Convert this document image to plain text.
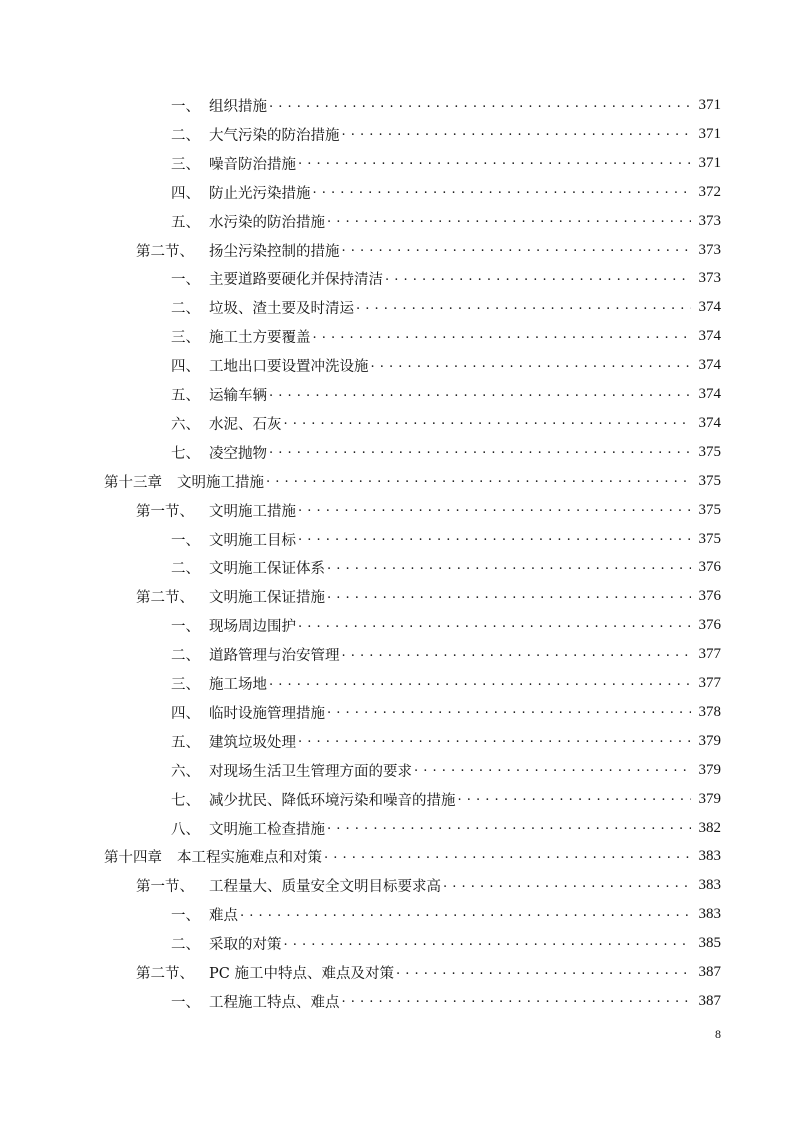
一、 组织措施 . . .	371
二、 大气污染的防治措施 . . .	371
三、 噪音防治措施 . . .	371
四、 防止光污染措施 . . .	372
五、 水污染的防治措施 . . .	373
第二节、	扬尘污染控制的措施 . . .	373
一、 主要道路要硬化并保持清洁 . . .	373
二、 垃圾、渣土要及时清运 . . .	374
三、 施工土方要覆盖 . . .	374
四、 工地出口要设置冲洗设施 . . .	374
五、 运输车辆 . . .	374
六、 水泥、石灰 . . .	374
七、 凌空抛物 . . .	375
第十三章	文明施工措施 . . .	375
第一节、	文明施工措施 . . .	375
一、 文明施工目标 . . .	375
二、 文明施工保证体系 . . .	376
第二节、	文明施工保证措施 . . .	376
一、 现场周边围护 . . .	376
二、 道路管理与治安管理 . . .	377
三、 施工场地 . . .	377
四、 临时设施管理措施 . . .	378
五、 建筑垃圾处理 . . .	379
六、 对现场生活卫生管理方面的要求 . . .	379
七、 减少扰民、降低环境污染和噪音的措施 . . .	379
八、 文明施工检查措施 . . .	382
第十四章	本工程实施难点和对策 . . .	383
第一节、	工程量大、质量安全文明目标要求高 . . .	383
一、 难点 . . .	383
二、 采取的对策 . . .	385
第二节、	PC 施工中特点、难点及对策 . . .	387
一、 工程施工特点、难点 . . .	387
8
